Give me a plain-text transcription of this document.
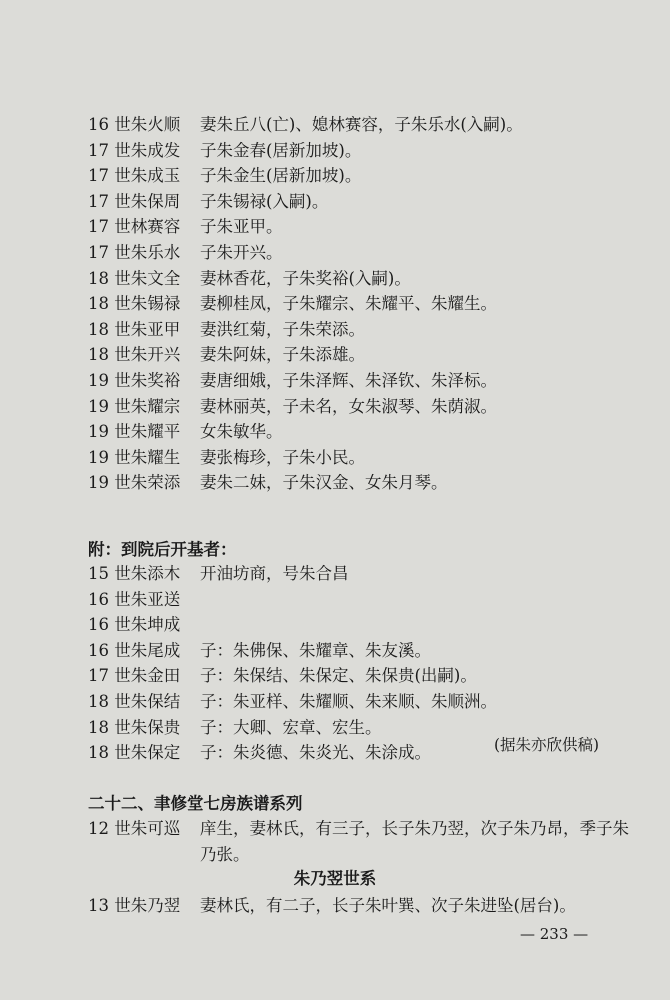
16 世朱火顺	妻朱丘八(亡)、媳林赛容，子朱乐水(入嗣)。
17 世朱成发	子朱金春(居新加坡)。
17 世朱成玉	子朱金生(居新加坡)。
17 世朱保周	子朱锡禄(入嗣)。
17 世林赛容	子朱亚甲。
17 世朱乐水	子朱开兴。
18 世朱文全	妻林香花，子朱奖裕(入嗣)。
18 世朱锡禄	妻柳桂凤，子朱耀宗、朱耀平、朱耀生。
18 世朱亚甲	妻洪红菊，子朱荣添。
18 世朱开兴	妻朱阿妹，子朱添雄。
19 世朱奖裕	妻唐细娥，子朱泽辉、朱泽钦、朱泽标。
19 世朱耀宗	妻林丽英，子未名，女朱淑琴、朱荫淑。
19 世朱耀平	女朱敏华。
19 世朱耀生	妻张梅珍，子朱小民。
19 世朱荣添	妻朱二妹，子朱汉金、女朱月琴。
附：到院后开基者：
15 世朱添木	开油坊商，号朱合昌
16 世朱亚送
16 世朱坤成
16 世朱尾成	子：朱佛保、朱耀章、朱友溪。
17 世朱金田	子：朱保结、朱保定、朱保贵(出嗣)。
18 世朱保结	子：朱亚样、朱耀顺、朱来顺、朱顺洲。
18 世朱保贵	子：大卿、宏章、宏生。
18 世朱保定	子：朱炎德、朱炎光、朱涂成。	(据朱亦欣供稿)
二十二、聿修堂七房族谱系列
12 世朱可巡	庠生，妻林氏，有三子，长子朱乃翌，次子朱乃昂，季子朱乃张。
朱乃翌世系
13 世朱乃翌	妻林氏，有二子，长子朱叶巽、次子朱进坠(居台)。
— 233 —
